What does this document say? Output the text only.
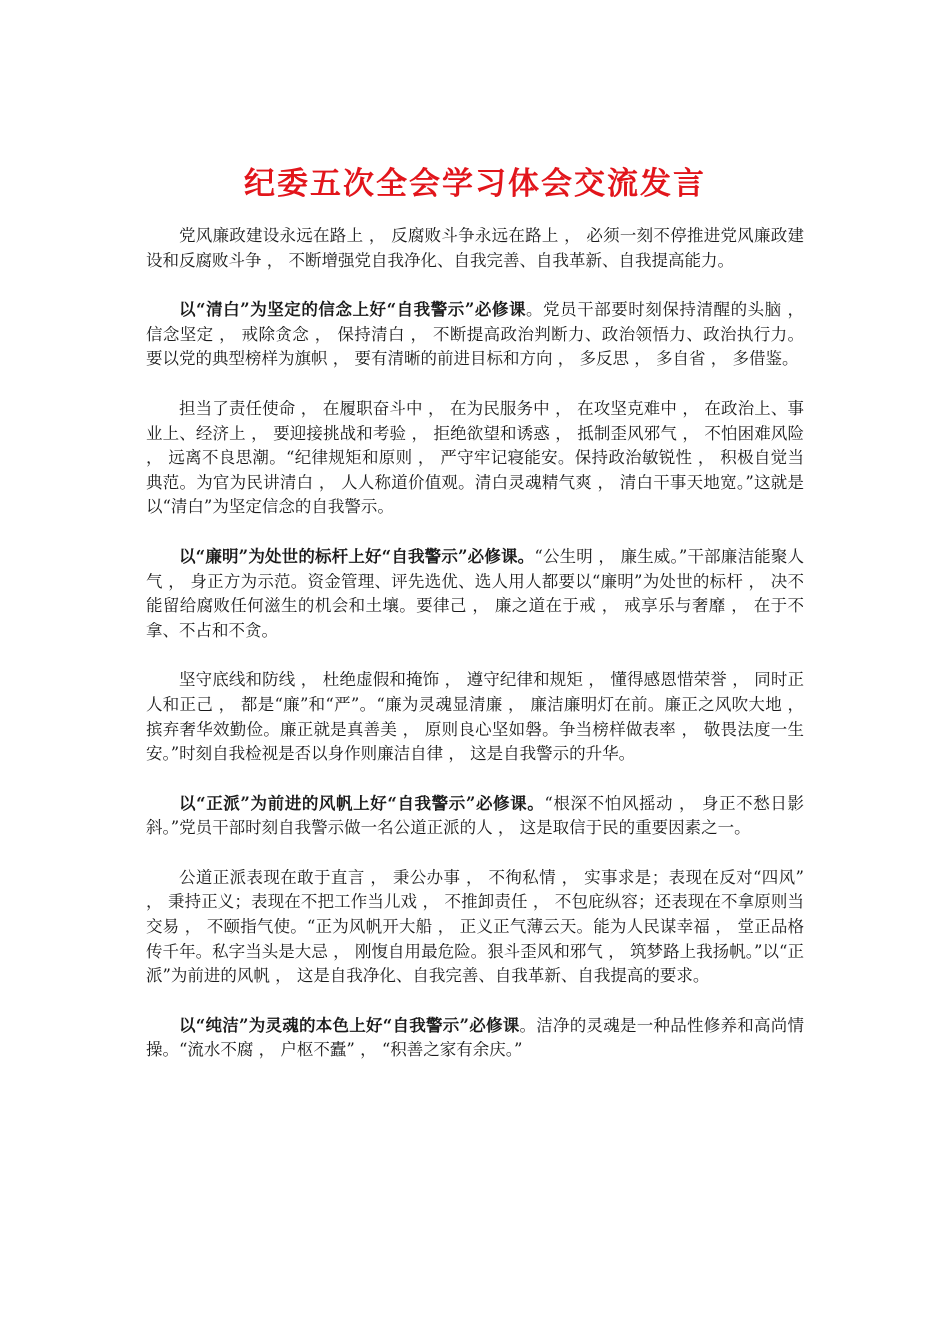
纪委五次全会学习体会交流发言

党风廉政建设永远在路上 ， 反腐败斗争永远在路上 ， 必须一刻不停推进党风廉政建设和反腐败斗争 ， 不断增强党自我净化、自我完善、自我革新、自我提高能力。

以“清白”为坚定的信念上好“自我警示”必修课。党员干部要时刻保持清醒的头脑 ， 信念坚定 ， 戒除贪念 ， 保持清白 ， 不断提高政治判断力、政治领悟力、政治执行力。要以党的典型榜样为旗帜 ， 要有清晰的前进目标和方向 ， 多反思 ， 多自省 ， 多借鉴。

担当了责任使命 ， 在履职奋斗中 ， 在为民服务中 ， 在攻坚克难中 ， 在政治上、事业上、经济上 ， 要迎接挑战和考验 ， 拒绝欲望和诱惑 ， 抵制歪风邪气 ， 不怕困难风险 ， 远离不良思潮。“纪律规矩和原则 ， 严守牢记寝能安。保持政治敏锐性 ， 积极自觉当典范。为官为民讲清白 ， 人人称道价值观。清白灵魂精气爽 ， 清白干事天地宽。”这就是以“清白”为坚定信念的自我警示。

以“廉明”为处世的标杆上好“自我警示”必修课。“公生明 ， 廉生威。”干部廉洁能聚人气 ， 身正方为示范。资金管理、评先选优、选人用人都要以“廉明”为处世的标杆 ， 决不能留给腐败任何滋生的机会和土壤。要律己 ， 廉之道在于戒 ， 戒享乐与奢靡 ， 在于不拿、不占和不贪。

坚守底线和防线 ， 杜绝虚假和掩饰 ， 遵守纪律和规矩 ， 懂得感恩惜荣誉 ， 同时正人和正己 ， 都是“廉”和“严”。“廉为灵魂显清廉 ， 廉洁廉明灯在前。廉正之风吹大地 ， 摈弃奢华效勤俭。廉正就是真善美 ， 原则良心坚如磐。争当榜样做表率 ， 敬畏法度一生安。”时刻自我检视是否以身作则廉洁自律 ， 这是自我警示的升华。

以“正派”为前进的风帆上好“自我警示”必修课。“根深不怕风摇动 ， 身正不愁日影斜。”党员干部时刻自我警示做一名公道正派的人 ， 这是取信于民的重要因素之一。

公道正派表现在敢于直言 ， 秉公办事 ， 不徇私情 ， 实事求是；表现在反对“四风” ， 秉持正义；表现在不把工作当儿戏 ， 不推卸责任 ， 不包庇纵容；还表现在不拿原则当交易 ， 不颐指气使。“正为风帆开大船 ， 正义正气薄云天。能为人民谋幸福 ， 堂正品格传千年。私字当头是大忌 ， 刚愎自用最危险。狠斗歪风和邪气 ， 筑梦路上我扬帆。”以“正派”为前进的风帆 ， 这是自我净化、自我完善、自我革新、自我提高的要求。

以“纯洁”为灵魂的本色上好“自我警示”必修课。洁净的灵魂是一种品性修养和高尚情操。“流水不腐 ， 户枢不蠹” ， “积善之家有余庆。”
